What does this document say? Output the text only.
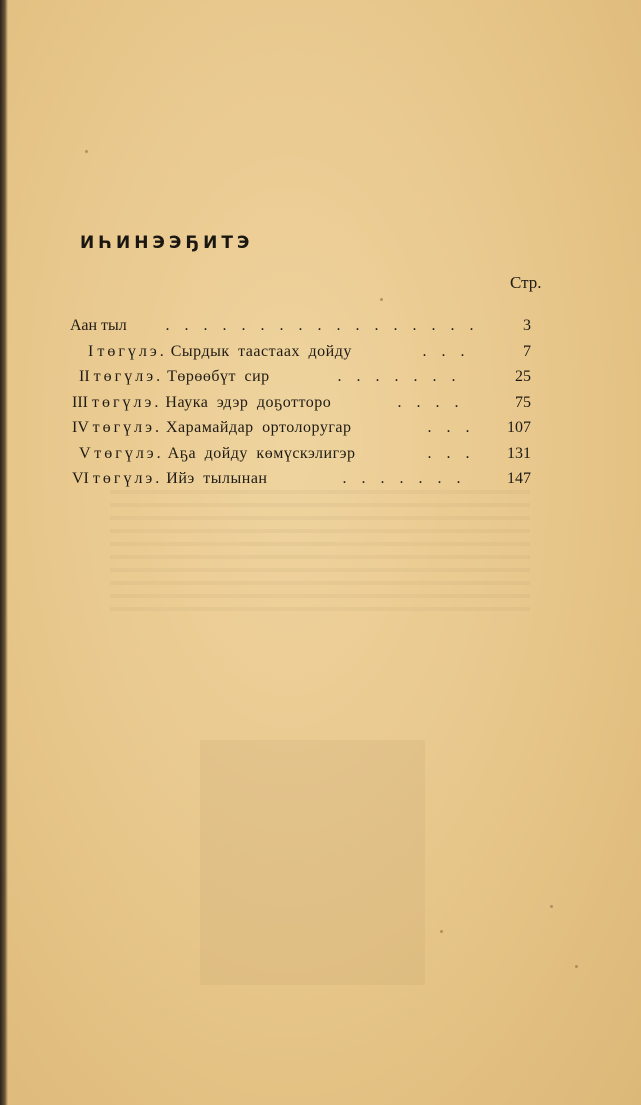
ИҺИНЭЭҔИТЭ
Стр.
Аан тыл	. . . . . . . . . . . . . . . . .	3
I төгүлэ. Сырдык таастаах дойду	. . .	7
II төгүлэ. Төрөөбүт сир	. . . . . . .	25
III төгүлэ. Наука эдэр доҕотторо	. . . .	75
IV төгүлэ. Харамайдар ортолоругар	. . .	107
V төгүлэ. Аҕа дойду көмүскэлигэр	. . .	131
VI төгүлэ. Ийэ тылынан	. . . . . . .	147
